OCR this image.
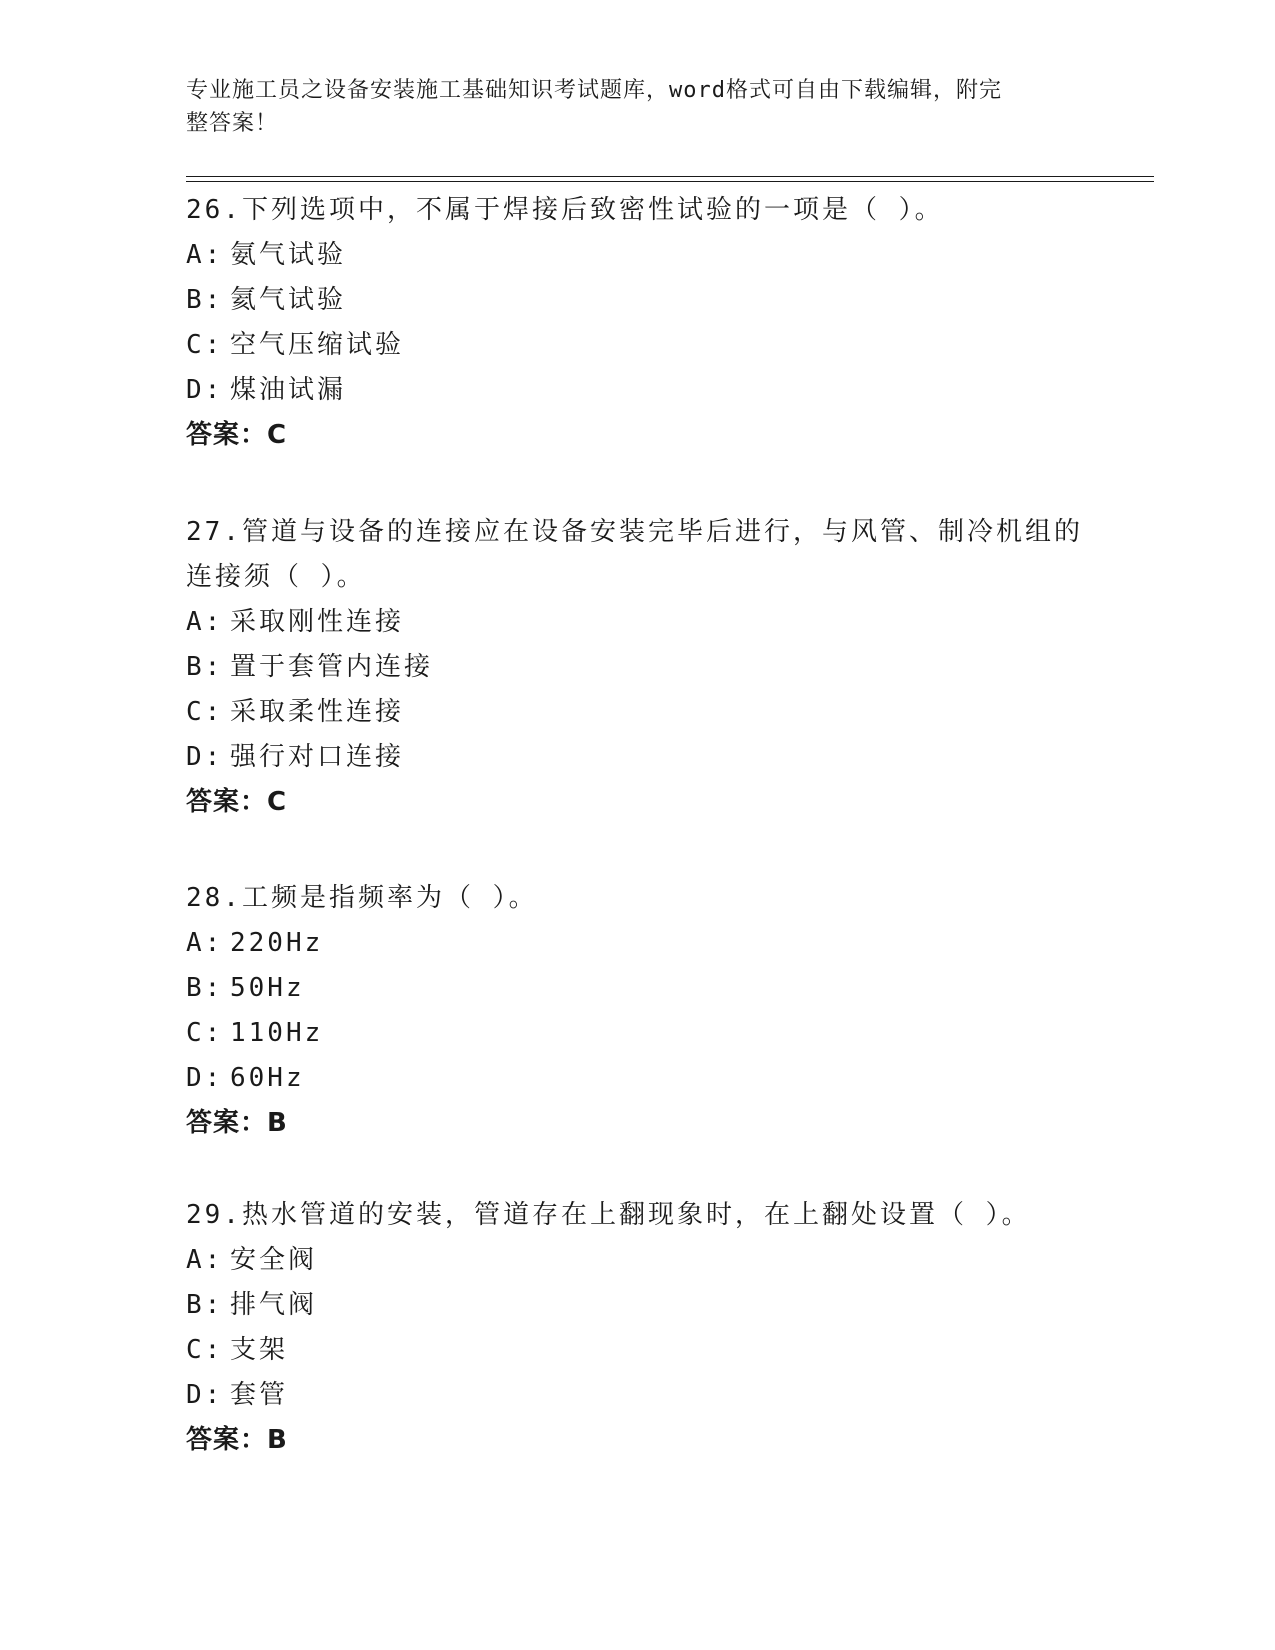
专业施工员之设备安装施工基础知识考试题库，word格式可自由下载编辑，附完
整答案！

26.下列选项中，不属于焊接后致密性试验的一项是（ ）。

A: 氨气试验
B: 氦气试验
C: 空气压缩试验
D: 煤油试漏
答案：C

27.管道与设备的连接应在设备安装完毕后进行，与风管、制冷机组的

连接须（ ）。

A: 采取刚性连接
B: 置于套管内连接
C: 采取柔性连接
D: 强行对口连接
答案：C

28.工频是指频率为（ ）。

A: 220Hz
B: 50Hz
C: 110Hz
D: 60Hz
答案：B

29.热水管道的安装，管道存在上翻现象时，在上翻处设置（ ）。

A: 安全阀
B: 排气阀
C: 支架
D: 套管
答案：B
